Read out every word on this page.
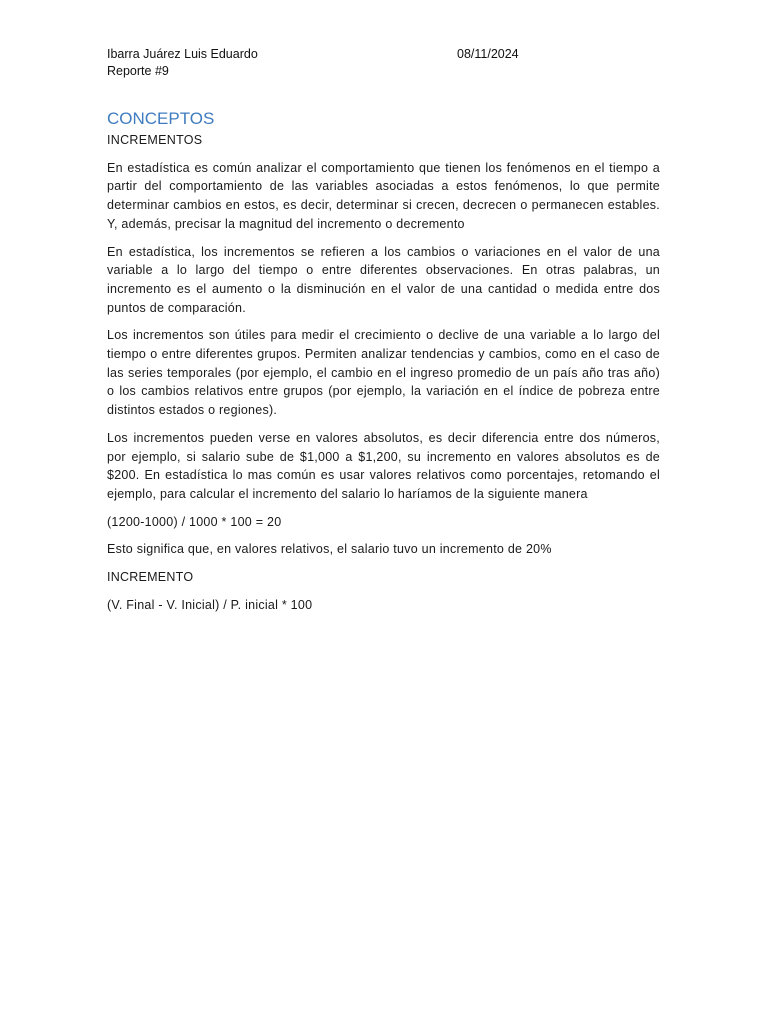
Ibarra Juárez Luis Eduardo	08/11/2024
Reporte #9
CONCEPTOS
INCREMENTOS

En estadística es común analizar el comportamiento que tienen los fenómenos en el tiempo a partir del comportamiento de las variables asociadas a estos fenómenos, lo que permite determinar cambios en estos, es decir, determinar si crecen, decrecen o permanecen estables. Y, además, precisar la magnitud del incremento o decremento

En estadística, los incrementos se refieren a los cambios o variaciones en el valor de una variable a lo largo del tiempo o entre diferentes observaciones. En otras palabras, un incremento es el aumento o la disminución en el valor de una cantidad o medida entre dos puntos de comparación.

Los incrementos son útiles para medir el crecimiento o declive de una variable a lo largo del tiempo o entre diferentes grupos. Permiten analizar tendencias y cambios, como en el caso de las series temporales (por ejemplo, el cambio en el ingreso promedio de un país año tras año) o los cambios relativos entre grupos (por ejemplo, la variación en el índice de pobreza entre distintos estados o regiones).

Los incrementos pueden verse en valores absolutos, es decir diferencia entre dos números, por ejemplo, si salario sube de $1,000 a $1,200, su incremento en valores absolutos es de $200. En estadística lo mas común es usar valores relativos como porcentajes, retomando el ejemplo, para calcular el incremento del salario lo haríamos de la siguiente manera

(1200-1000) / 1000 * 100 = 20

Esto significa que, en valores relativos, el salario tuvo un incremento de 20%

INCREMENTO

(V. Final - V. Inicial) / P. inicial * 100
